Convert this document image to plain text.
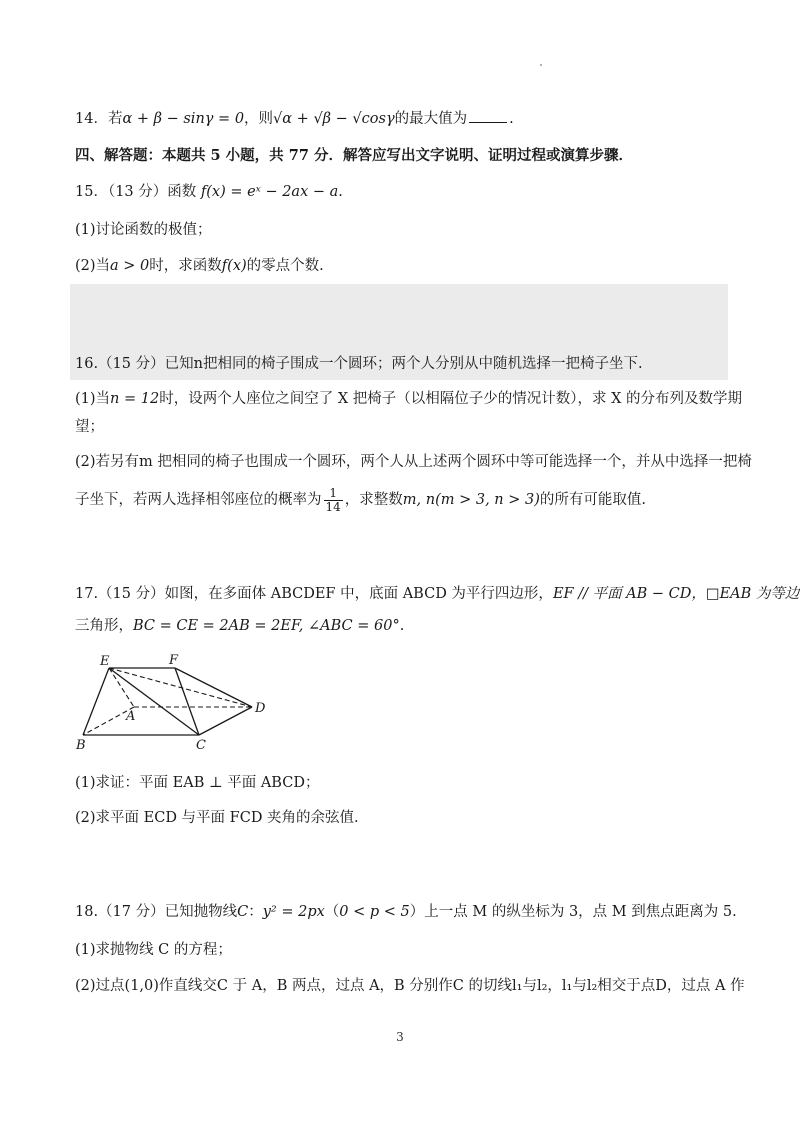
14．若α + β − sinγ = 0，则√α + √β − √cosγ的最大值为	.
四、解答题：本题共 5 小题，共 77 分．解答应写出文字说明、证明过程或演算步骤．
15．（13 分）函数 f(x) = eˣ − 2ax − a.
(1)讨论函数的极值；
(2)当a > 0时，求函数f(x)的零点个数.
16.（15 分）已知n把相同的椅子围成一个圆环；两个人分别从中随机选择一把椅子坐下.
(1)当n = 12时，设两个人座位之间空了 X 把椅子（以相隔位子少的情况计数），求 X 的分布列及数学期
望；
(2)若另有m 把相同的椅子也围成一个圆环，两个人从上述两个圆环中等可能选择一个，并从中选择一把椅
子坐下，若两人选择相邻座位的概率为 $\frac{1}{14}$ ，求整数m, n(m > 3, n > 3)的所有可能取值.
17.（15 分）如图，在多面体 ABCDEF 中，底面 ABCD 为平行四边形，EF // 平面 AB − CD，□EAB 为等边
三角形，BC = CE = 2AB = 2EF, ∠ABC = 60°.
E	F
A
B	C
D
(1)求证：平面 EAB ⊥ 平面 ABCD；
(2)求平面 ECD 与平面 FCD 夹角的余弦值.
18.（17 分）已知抛物线C：y² = 2px（0 < p < 5）上一点 M 的纵坐标为 3，点 M 到焦点距离为 5.
(1)求抛物线 C 的方程；
(2)过点(1,0)作直线交C 于 A，B 两点，过点 A，B 分别作C 的切线l₁与l₂，l₁与l₂相交于点D，过点 A 作
3
